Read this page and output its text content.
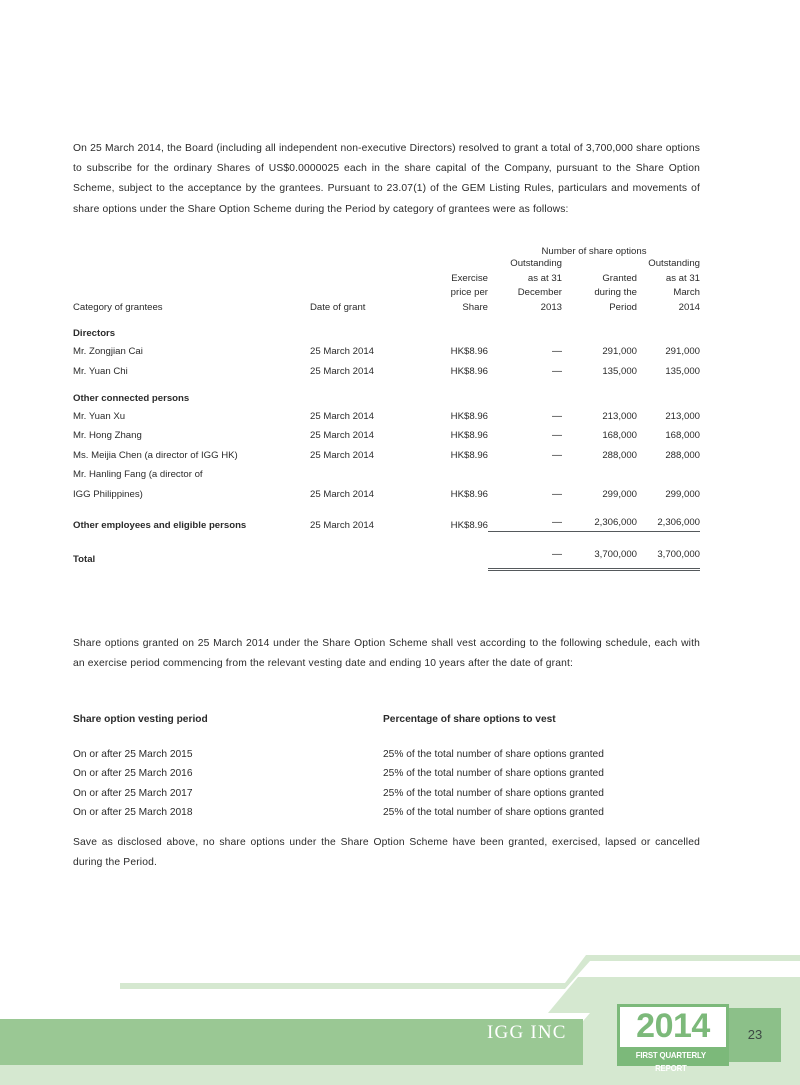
On 25 March 2014, the Board (including all independent non-executive Directors) resolved to grant a total of 3,700,000 share options to subscribe for the ordinary Shares of US$0.0000025 each in the share capital of the Company, pursuant to the Share Option Scheme, subject to the acceptance by the grantees. Pursuant to 23.07(1) of the GEM Listing Rules, particulars and movements of share options under the Share Option Scheme during the Period by category of grantees were as follows:

			Number of share options		
			Outstanding		Outstanding
		Exercise	as at 31	Granted	as at 31
		price per	December	during the	March
Category of grantees	Date of grant	Share	2013	Period	2014
Directors					
Mr. Zongjian Cai	25 March 2014	HK$8.96	—	291,000	291,000
Mr. Yuan Chi	25 March 2014	HK$8.96	—	135,000	135,000
Other connected persons					
Mr. Yuan Xu	25 March 2014	HK$8.96	—	213,000	213,000
Mr. Hong Zhang	25 March 2014	HK$8.96	—	168,000	168,000
Ms. Meijia Chen (a director of IGG HK)	25 March 2014	HK$8.96	—	288,000	288,000
Mr. Hanling Fang (a director of					
IGG Philippines)	25 March 2014	HK$8.96	—	299,000	299,000

Other employees and eligible persons	25 March 2014	HK$8.96	—	2,306,000	2,306,000

Total			—	3,700,000	3,700,000

Share options granted on 25 March 2014 under the Share Option Scheme shall vest according to the following schedule, each with an exercise period commencing from the relevant vesting date and ending 10 years after the date of grant:

Share option vesting period	Percentage of share options to vest
On or after 25 March 2015	25% of the total number of share options granted
On or after 25 March 2016	25% of the total number of share options granted
On or after 25 March 2017	25% of the total number of share options granted
On or after 25 March 2018	25% of the total number of share options granted

Save as disclosed above, no share options under the Share Option Scheme have been granted, exercised, lapsed or cancelled during the Period.

IGG INC	2014
FIRST QUARTERLY REPORT
23
